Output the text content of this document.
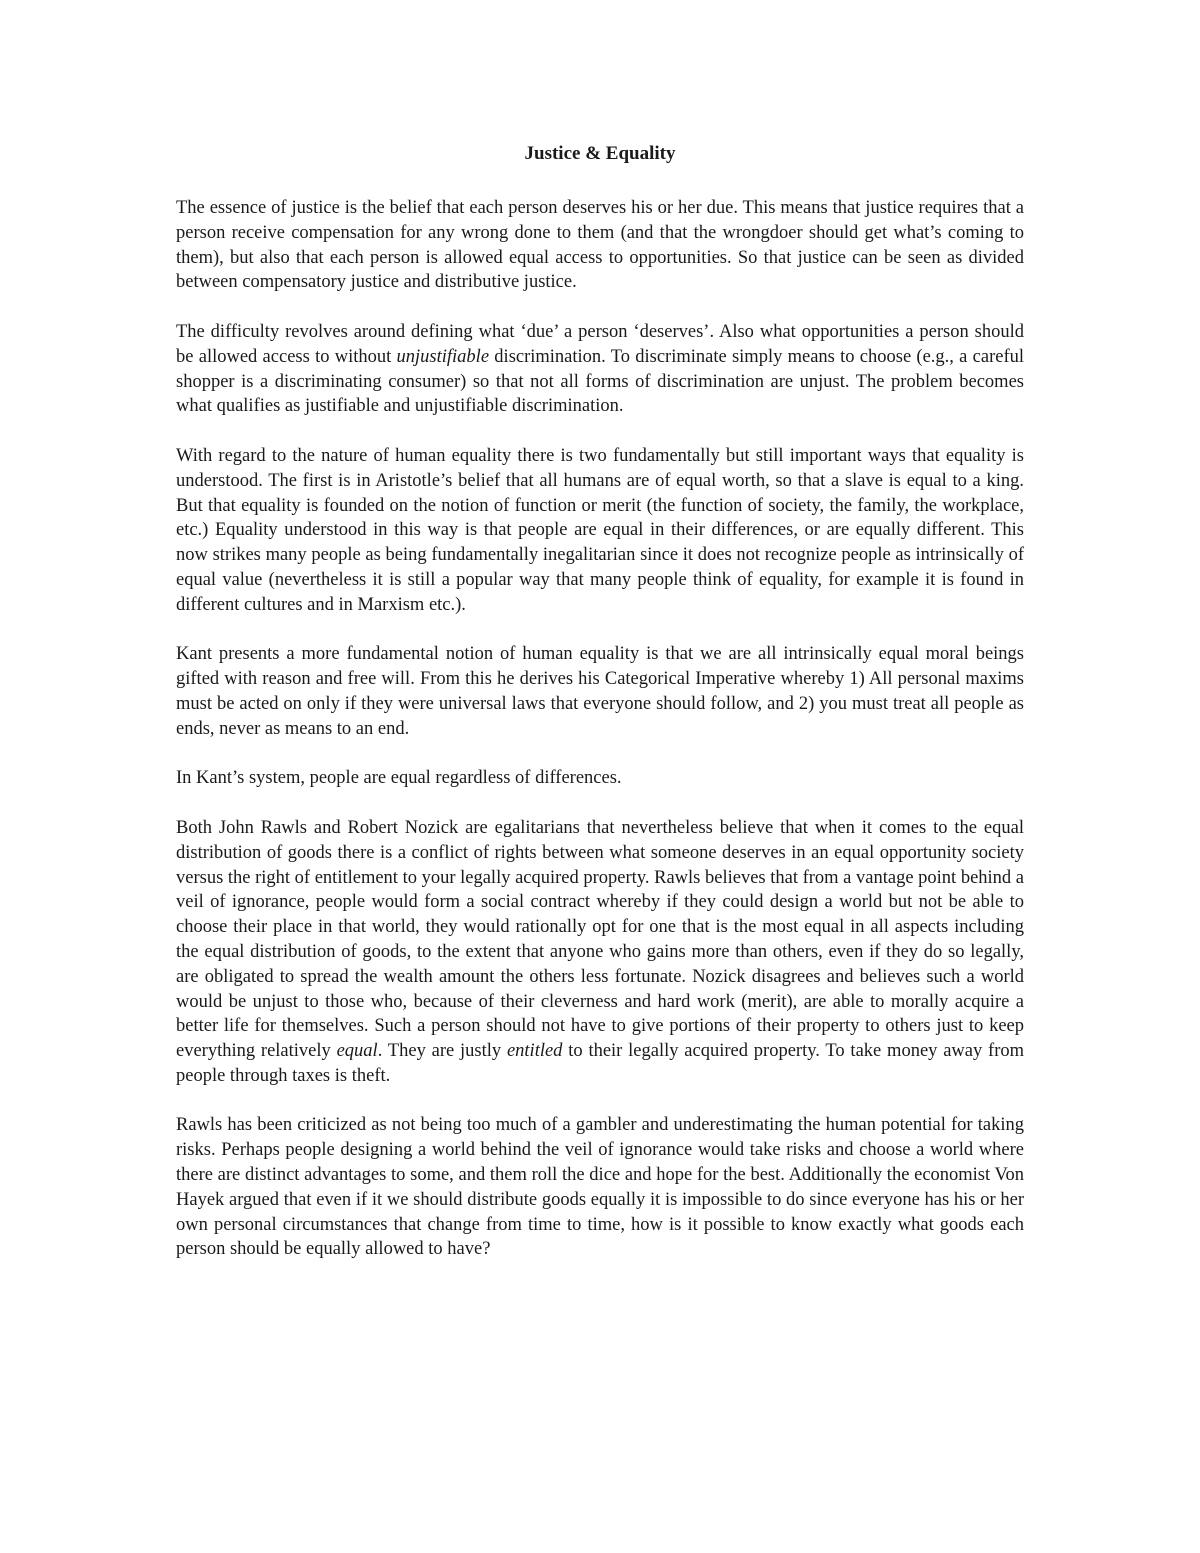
Justice & Equality

The essence of justice is the belief that each person deserves his or her due. This means that justice requires that a person receive compensation for any wrong done to them (and that the wrongdoer should get what’s coming to them), but also that each person is allowed equal access to opportunities. So that justice can be seen as divided between compensatory justice and distributive justice.

The difficulty revolves around defining what ‘due’ a person ‘deserves’. Also what opportunities a person should be allowed access to without unjustifiable discrimination. To discriminate simply means to choose (e.g., a careful shopper is a discriminating consumer) so that not all forms of discrimination are unjust. The problem becomes what qualifies as justifiable and unjustifiable discrimination.

With regard to the nature of human equality there is two fundamentally but still important ways that equality is understood. The first is in Aristotle’s belief that all humans are of equal worth, so that a slave is equal to a king. But that equality is founded on the notion of function or merit (the function of society, the family, the workplace, etc.) Equality understood in this way is that people are equal in their differences, or are equally different. This now strikes many people as being fundamentally inegalitarian since it does not recognize people as intrinsically of equal value (nevertheless it is still a popular way that many people think of equality, for example it is found in different cultures and in Marxism etc.).

Kant presents a more fundamental notion of human equality is that we are all intrinsically equal moral beings gifted with reason and free will. From this he derives his Categorical Imperative whereby 1) All personal maxims must be acted on only if they were universal laws that everyone should follow, and 2) you must treat all people as ends, never as means to an end.

In Kant’s system, people are equal regardless of differences.

Both John Rawls and Robert Nozick are egalitarians that nevertheless believe that when it comes to the equal distribution of goods there is a conflict of rights between what someone deserves in an equal opportunity society versus the right of entitlement to your legally acquired property. Rawls believes that from a vantage point behind a veil of ignorance, people would form a social contract whereby if they could design a world but not be able to choose their place in that world, they would rationally opt for one that is the most equal in all aspects including the equal distribution of goods, to the extent that anyone who gains more than others, even if they do so legally, are obligated to spread the wealth amount the others less fortunate. Nozick disagrees and believes such a world would be unjust to those who, because of their cleverness and hard work (merit), are able to morally acquire a better life for themselves. Such a person should not have to give portions of their property to others just to keep everything relatively equal. They are justly entitled to their legally acquired property. To take money away from people through taxes is theft.

Rawls has been criticized as not being too much of a gambler and underestimating the human potential for taking risks. Perhaps people designing a world behind the veil of ignorance would take risks and choose a world where there are distinct advantages to some, and them roll the dice and hope for the best. Additionally the economist Von Hayek argued that even if it we should distribute goods equally it is impossible to do since everyone has his or her own personal circumstances that change from time to time, how is it possible to know exactly what goods each person should be equally allowed to have?
